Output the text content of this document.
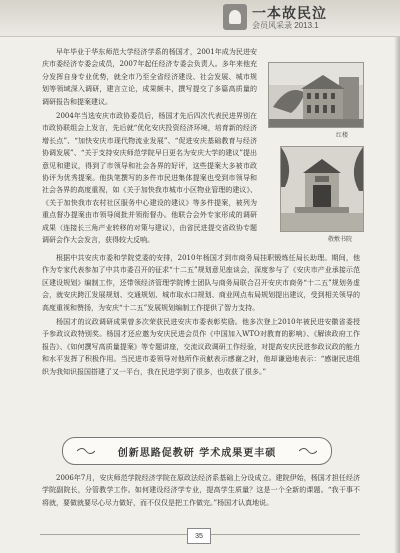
一本故民泣
会员风采录 2013.1

早年毕业于华东师范大学经济学系的杨国才，2001年成为民进安庆市委经济专委会成员，2007年起任经济专委会负责人。多年来他充分发挥自身专业优势，就全市乃至全省经济建设、社会发展、城市规划等领域深入调研，建言立论，成果颇丰，撰写提交了多篇高质量的调研报告和提案建议。

2004年当选安庆市政协委员后，杨国才先后四次代表民进界别在市政协联组会上发言，先后就“优化安庆投资经济环境，培育新的经济增长点”、“加快安庆市现代物流业发展”、“促进安庆基础教育与经济协调发展”、“关于支持安庆师范学院早日更名为安庆大学的建议”提出意见和建议，得到了市领导和社会各界的好评，这些提案大多被市政协评为优秀提案。他执笔撰写的多件市民进集体提案也受到市领导和社会各界的高度重视，如《关于加快我市城市小区物业管理的建议》、《关于加快我市农村社区服务中心建设的建议》等多件提案，被列为重点督办提案由市领导阅批并领衔督办。他联合会外专家形成的调研成果（连接长三角产业转移的对策与建议），由省民进提交省政协专题调研会作大会发言，获得较大反响。

红楼
敬敷书院

根据中共安庆市委和学院党委的安排，2010年杨国才到市商务局挂职锻炼任局长助理。期间，他作为专家代表参加了中共市委召开的征求“十二五”规划意见座谈会，深度参与了《安庆市产业承接示范区建设规划》编制工作，还带领经济管理学院博士团队与商务局联合召开安庆市商务“十二五”规划务虚会，就安庆跨江发展规划、交通规划、城市取水口规划、商业网点布局规划提出建议，受到相关领导的高度重视和赞扬，为安庆“十二五”发展规划编制工作提供了智力支持。

杨国才的议政调研成果曾多次荣获民进安庆市委表彰奖励。他多次登上2010年被民进安徽省委授予参政议政特别奖。杨国才还应邀为安庆民进会员作《中国加入WTO对教育的影响》、《解读政府工作报告》、《如何撰写高质量提案》等专题讲座，交流议政调研工作经验，对提高安庆民进参政议政的能力和水平发挥了积极作用。当民进市委领导对他所作贡献表示感谢之时，他却谦逊地表示：“感谢民进组织为我知识报国搭建了又一平台，我在民进学到了很多，也收获了很多。”

创新思路促教研 学术成果更丰硕

2006年7月，安庆师范学院经济学院在原政法经济系基础上分设成立。建院伊始，杨国才担任经济学院副院长，分管教学工作。如何建设经济学专业，提高学生质量？这是一个全新的课题。“我干事不将就，要做就要尽心尽力做好，而不仅仅是把工作做完。”杨国才认真地说。

35
